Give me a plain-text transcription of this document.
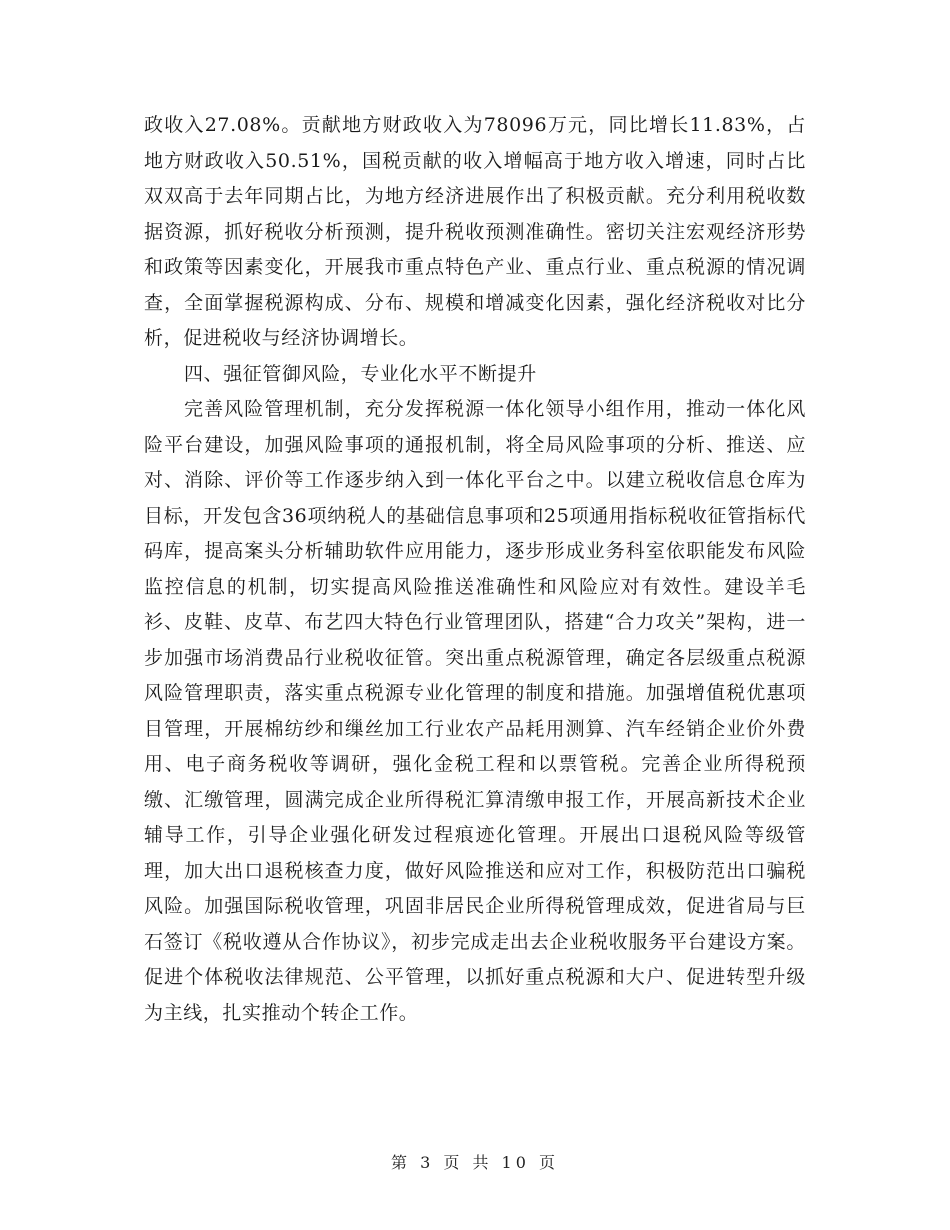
政收入27.08%。贡献地方财政收入为78096万元，同比增长11.83%，占地方财政收入50.51%，国税贡献的收入增幅高于地方收入增速，同时占比双双高于去年同期占比，为地方经济进展作出了积极贡献。充分利用税收数据资源，抓好税收分析预测，提升税收预测准确性。密切关注宏观经济形势和政策等因素变化，开展我市重点特色产业、重点行业、重点税源的情况调查，全面掌握税源构成、分布、规模和增减变化因素，强化经济税收对比分析，促进税收与经济协调增长。

四、强征管御风险，专业化水平不断提升

完善风险管理机制，充分发挥税源一体化领导小组作用，推动一体化风险平台建设，加强风险事项的通报机制，将全局风险事项的分析、推送、应对、消除、评价等工作逐步纳入到一体化平台之中。以建立税收信息仓库为目标，开发包含36项纳税人的基础信息事项和25项通用指标税收征管指标代码库，提高案头分析辅助软件应用能力，逐步形成业务科室依职能发布风险监控信息的机制，切实提高风险推送准确性和风险应对有效性。建设羊毛衫、皮鞋、皮草、布艺四大特色行业管理团队，搭建“合力攻关”架构，进一步加强市场消费品行业税收征管。突出重点税源管理，确定各层级重点税源风险管理职责，落实重点税源专业化管理的制度和措施。加强增值税优惠项目管理，开展棉纺纱和缫丝加工行业农产品耗用测算、汽车经销企业价外费用、电子商务税收等调研，强化金税工程和以票管税。完善企业所得税预缴、汇缴管理，圆满完成企业所得税汇算清缴申报工作，开展高新技术企业辅导工作，引导企业强化研发过程痕迹化管理。开展出口退税风险等级管理，加大出口退税核查力度，做好风险推送和应对工作，积极防范出口骗税风险。加强国际税收管理，巩固非居民企业所得税管理成效，促进省局与巨石签订《税收遵从合作协议》，初步完成走出去企业税收服务平台建设方案。促进个体税收法律规范、公平管理，以抓好重点税源和大户、促进转型升级为主线，扎实推动个转企工作。

第 3 页 共 10 页
